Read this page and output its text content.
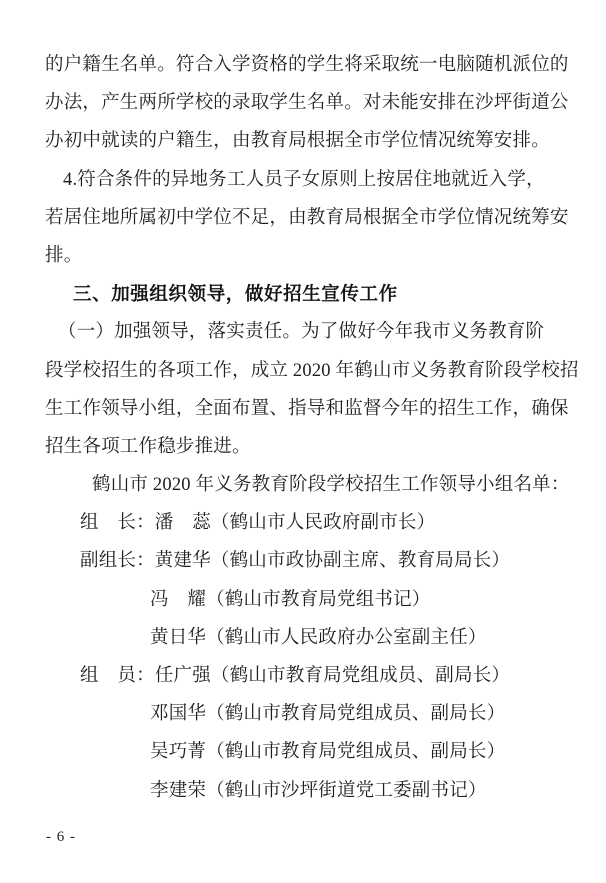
的户籍生名单。符合入学资格的学生将采取统一电脑随机派位的
办法，产生两所学校的录取学生名单。对未能安排在沙坪街道公
办初中就读的户籍生，由教育局根据全市学位情况统筹安排。
4.符合条件的异地务工人员子女原则上按居住地就近入学，
若居住地所属初中学位不足，由教育局根据全市学位情况统筹安
排。
三、加强组织领导，做好招生宣传工作
（一）加强领导，落实责任。为了做好今年我市义务教育阶
段学校招生的各项工作，成立 2020 年鹤山市义务教育阶段学校招
生工作领导小组，全面布置、指导和监督今年的招生工作，确保
招生各项工作稳步推进。
鹤山市 2020 年义务教育阶段学校招生工作领导小组名单：
组　长：潘　蕊（鹤山市人民政府副市长）
副组长：黄建华（鹤山市政协副主席、教育局局长）
冯　耀（鹤山市教育局党组书记）
黄日华（鹤山市人民政府办公室副主任）
组　员：任广强（鹤山市教育局党组成员、副局长）
邓国华（鹤山市教育局党组成员、副局长）
吴巧菁（鹤山市教育局党组成员、副局长）
李建荣（鹤山市沙坪街道党工委副书记）
- 6 -
